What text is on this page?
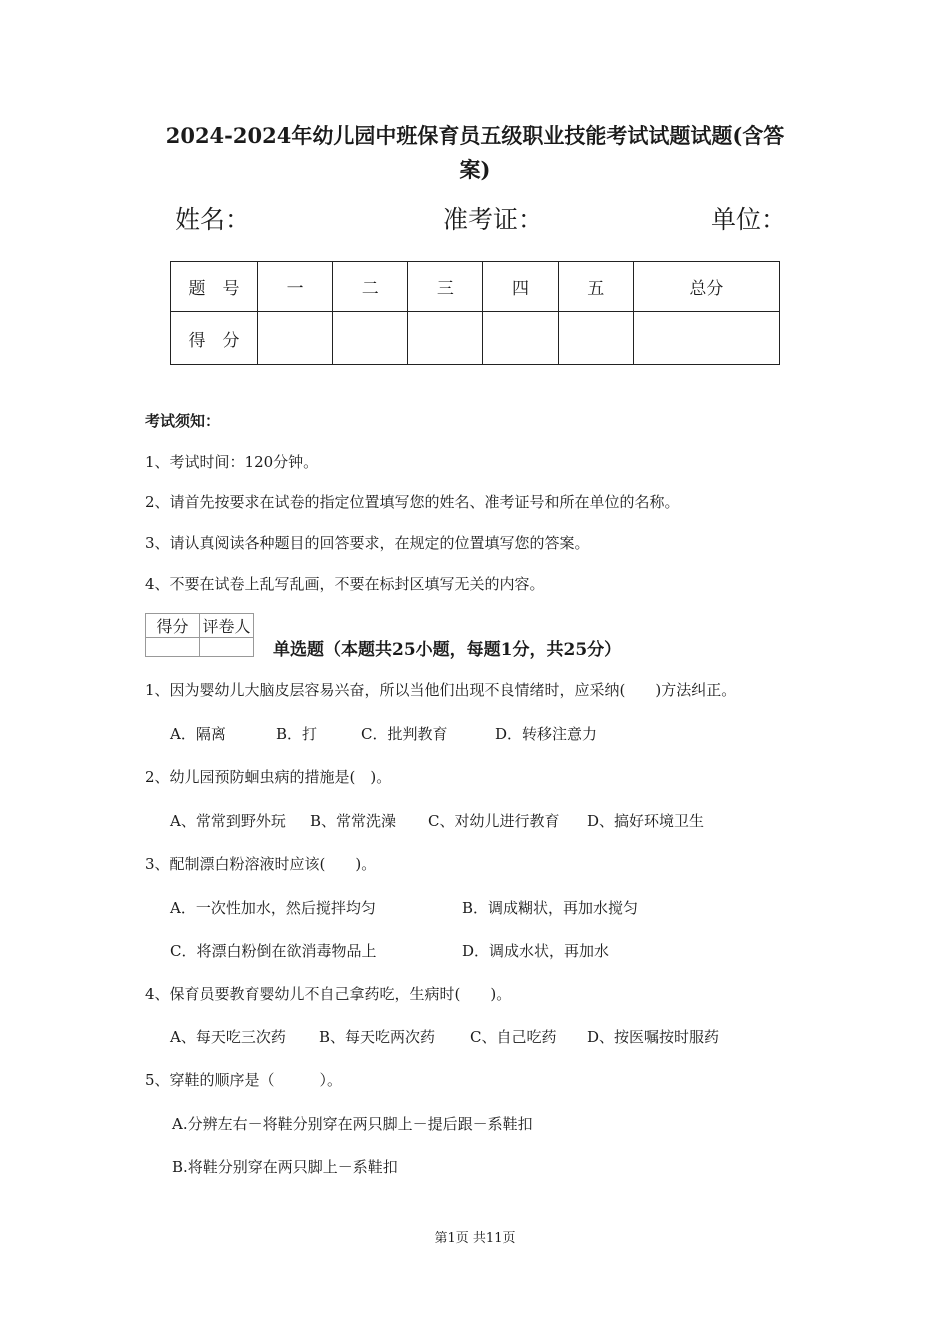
2024-2024年幼儿园中班保育员五级职业技能考试试题试题(含答
案)
姓名：	准考证：	单位：
题　号	一	二	三	四	五	总分
得　分						
考试须知：
1、考试时间：120分钟。
2、请首先按要求在试卷的指定位置填写您的姓名、准考证号和所在单位的名称。
3、请认真阅读各种题目的回答要求，在规定的位置填写您的答案。
4、不要在试卷上乱写乱画，不要在标封区填写无关的内容。
得分	评卷人

单选题（本题共25小题，每题1分，共25分）
1、因为婴幼儿大脑皮层容易兴奋，所以当他们出现不良情绪时，应采纳(　　)方法纠正。
A．隔离	B．打	C．批判教育	D．转移注意力
2、幼儿园预防蛔虫病的措施是(　)。
A、常常到野外玩 B、常常洗澡 C、对幼儿进行教育 D、搞好环境卫生
3、配制漂白粉溶液时应该(　　)。
A．一次性加水，然后搅拌均匀	B．调成糊状，再加水搅匀
C．将漂白粉倒在欲消毒物品上	D．调成水状，再加水
4、保育员要教育婴幼儿不自己拿药吃，生病时(　　)。
A、每天吃三次药 B、每天吃两次药 C、自己吃药 D、按医嘱按时服药
5、穿鞋的顺序是（　　　）。
A.分辨左右－将鞋分别穿在两只脚上－提后跟－系鞋扣
B.将鞋分别穿在两只脚上－系鞋扣
第1页 共11页
